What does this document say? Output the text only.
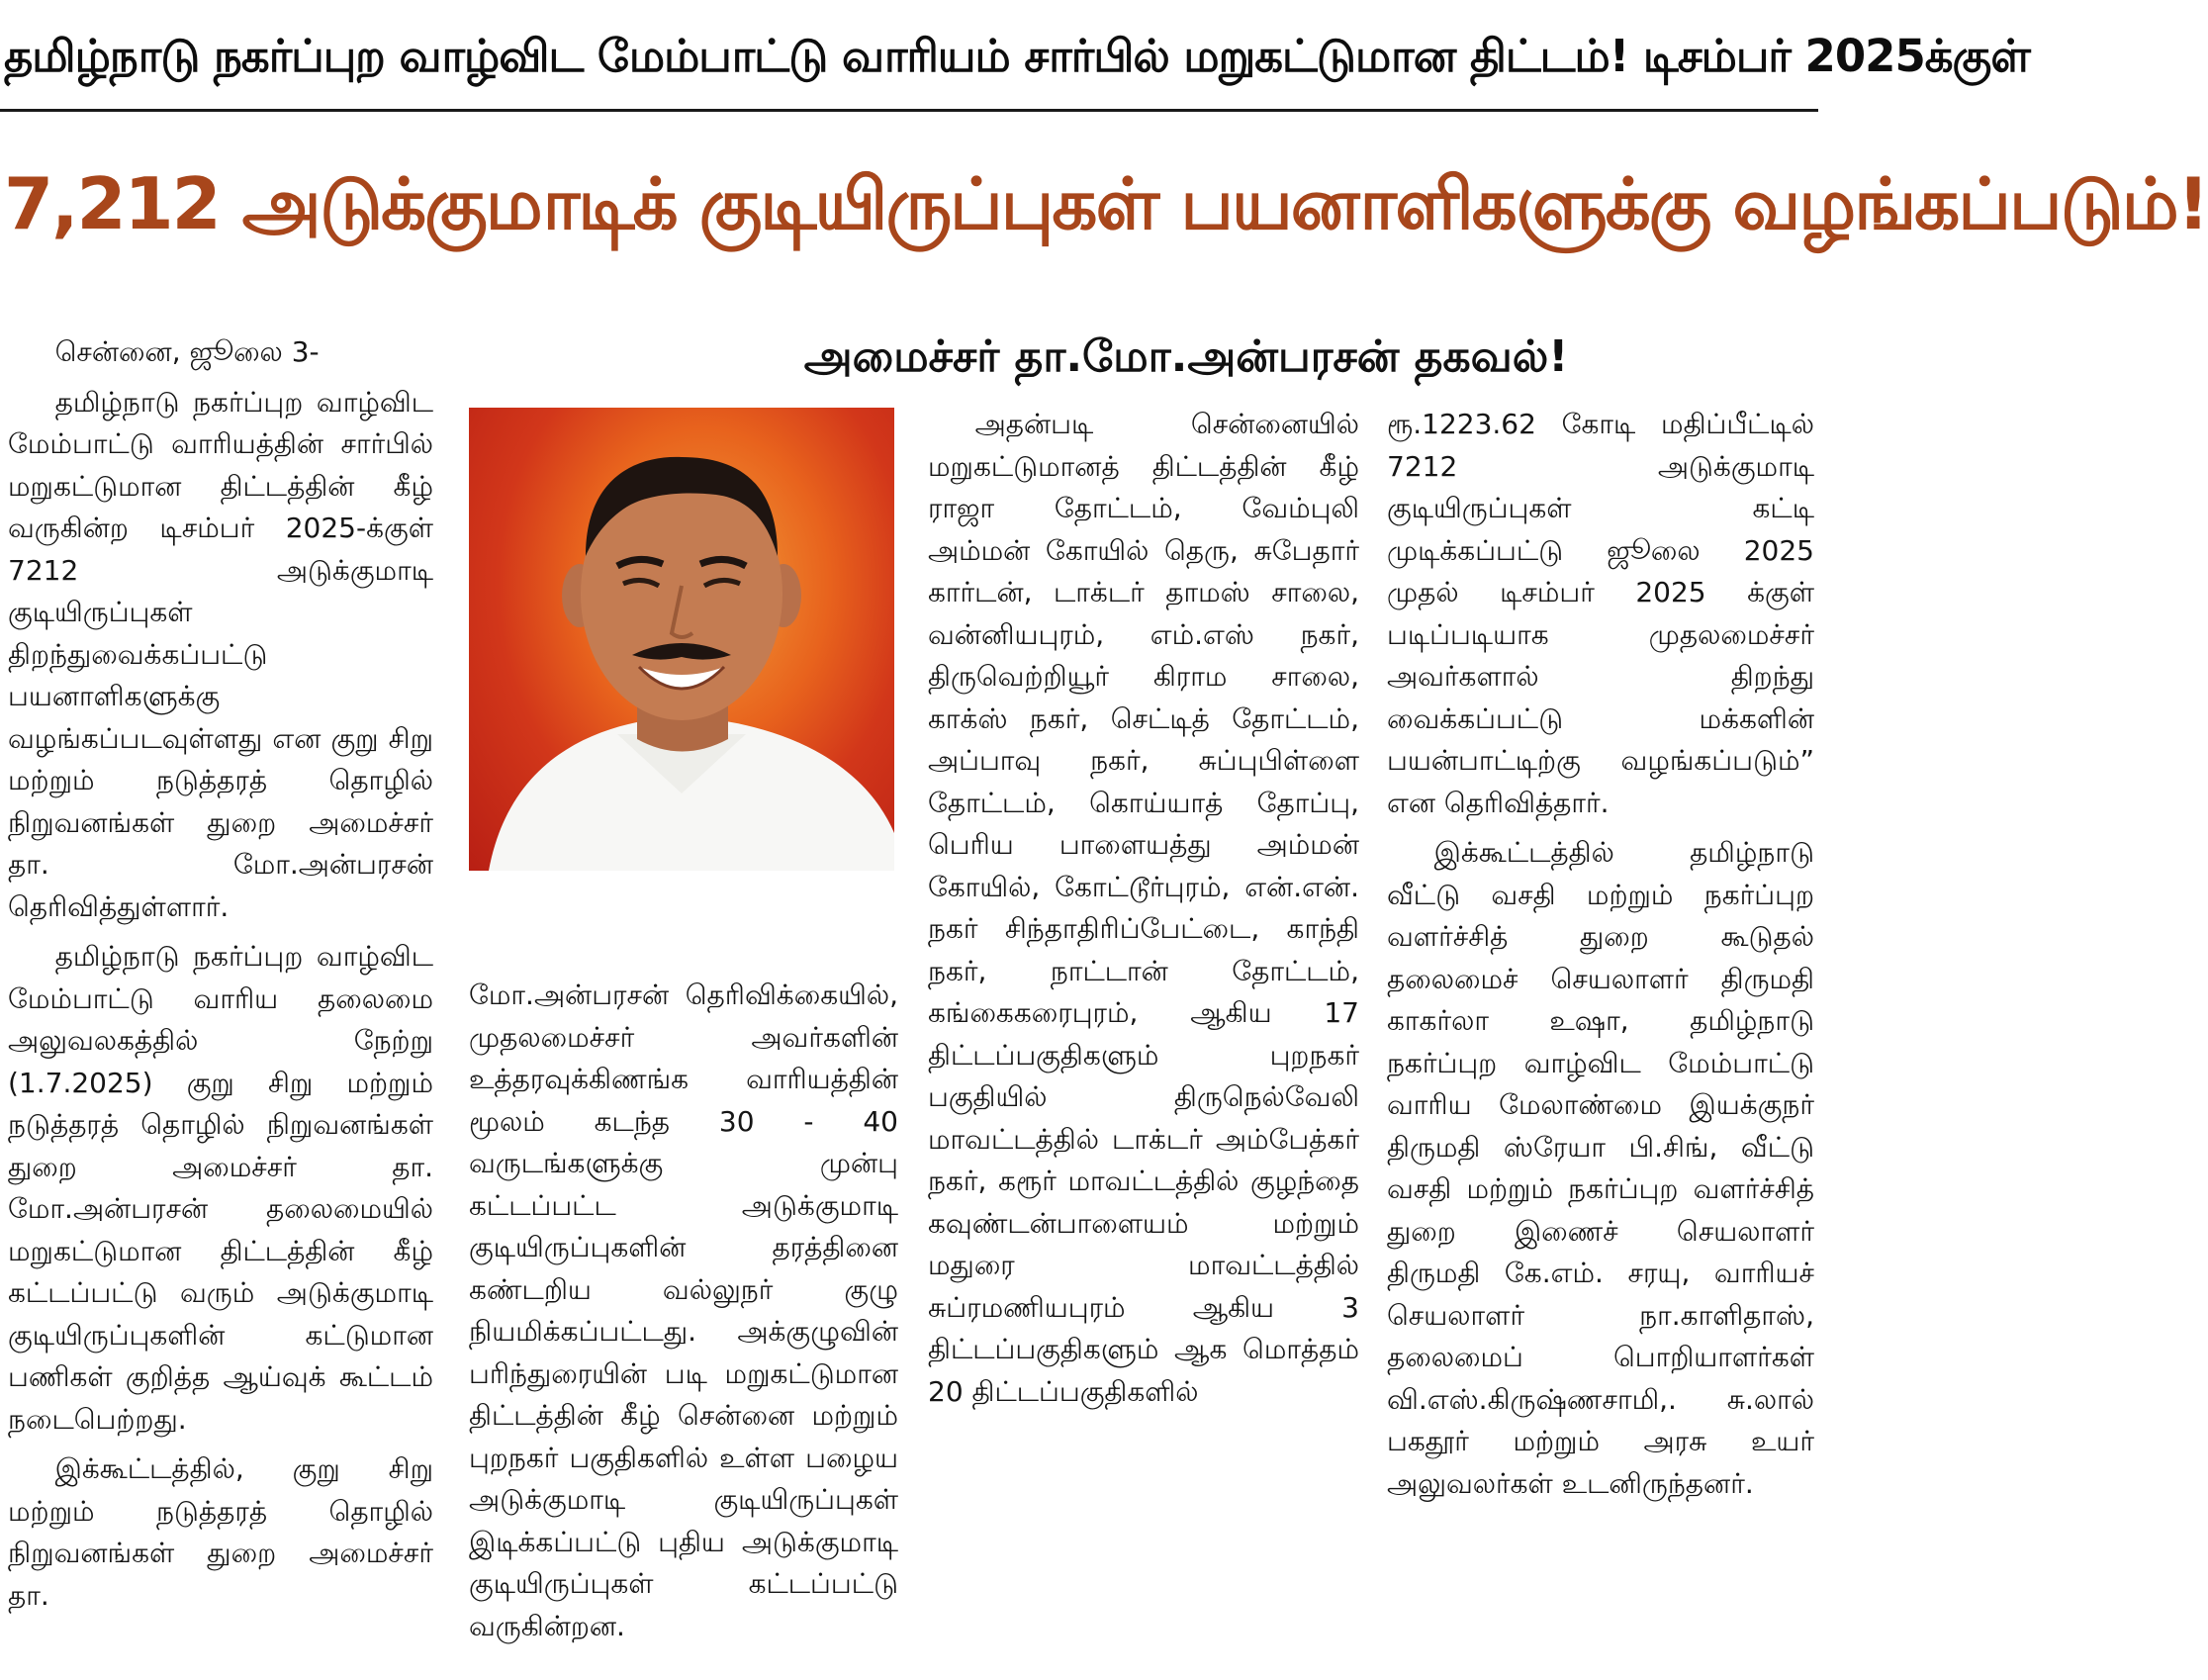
தமிழ்நாடு நகர்ப்புற வாழ்விட மேம்பாட்டு வாரியம் சார்பில் மறுகட்டுமான திட்டம்! டிசம்பர் 2025க்குள்
7,212 அடுக்குமாடிக் குடியிருப்புகள் பயனாளிகளுக்கு வழங்கப்படும்!
அமைச்சர் தா.மோ.அன்பரசன் தகவல்!

சென்னை, ஜூலை 3-

தமிழ்நாடு நகர்ப்புற வாழ்விட மேம்பாட்டு வாரியத்தின் சார்பில் மறுகட்டுமான திட்டத்தின் கீழ் வருகின்ற டிசம்பர் 2025-க்குள் 7212 அடுக்குமாடி குடியிருப்புகள் திறந்துவைக்கப்பட்டு பயனாளிகளுக்கு வழங்கப்படவுள்ளது என குறு சிறு மற்றும் நடுத்தரத் தொழில் நிறுவனங்கள் துறை அமைச்சர் தா. மோ.அன்பரசன் தெரிவித்துள்ளார்.

தமிழ்நாடு நகர்ப்புற வாழ்விட மேம்பாட்டு வாரிய தலைமை அலுவலகத்தில் நேற்று (1.7.2025) குறு சிறு மற்றும் நடுத்தரத் தொழில் நிறுவனங்கள் துறை அமைச்சர் தா. மோ.அன்பரசன் தலைமையில் மறுகட்டுமான திட்டத்தின் கீழ் கட்டப்பட்டு வரும் அடுக்குமாடி குடியிருப்புகளின் கட்டுமான பணிகள் குறித்த ஆய்வுக் கூட்டம் நடைபெற்றது.

இக்கூட்டத்தில், குறு சிறு மற்றும் நடுத்தரத் தொழில் நிறுவனங்கள் துறை அமைச்சர் தா.

மோ.அன்பரசன் தெரிவிக்கையில், முதலமைச்சர் அவர்களின் உத்தரவுக்கிணங்க வாரியத்தின் மூலம் கடந்த 30 - 40 வருடங்களுக்கு முன்பு கட்டப்பட்ட அடுக்குமாடி குடியிருப்புகளின் தரத்தினை கண்டறிய வல்லுநர் குழு நியமிக்கப்பட்டது. அக்குழுவின் பரிந்துரையின் படி மறுகட்டுமான திட்டத்தின் கீழ் சென்னை மற்றும் புறநகர் பகுதிகளில் உள்ள பழைய அடுக்குமாடி குடியிருப்புகள் இடிக்கப்பட்டு புதிய அடுக்குமாடி குடியிருப்புகள் கட்டப்பட்டு வருகின்றன.

அதன்படி சென்னையில் மறுகட்டுமானத் திட்டத்தின் கீழ் ராஜா தோட்டம், வேம்புலி அம்மன் கோயில் தெரு, சுபேதார் கார்டன், டாக்டர் தாமஸ் சாலை, வன்னியபுரம், எம்.எஸ் நகர், திருவெற்றியூர் கிராம சாலை, காக்ஸ் நகர், செட்டித் தோட்டம், அப்பாவு நகர், சுப்புபிள்ளை தோட்டம், கொய்யாத் தோப்பு, பெரிய பாளையத்து அம்மன் கோயில், கோட்டூர்புரம், என்.என். நகர் சிந்தாதிரிப்பேட்டை, காந்தி நகர், நாட்டான் தோட்டம், கங்கைகரைபுரம், ஆகிய 17 திட்டப்பகுதிகளும் புறநகர் பகுதியில் திருநெல்வேலி மாவட்டத்தில் டாக்டர் அம்பேத்கர் நகர், கரூர் மாவட்டத்தில் குழந்தை கவுண்டன்பாளையம் மற்றும் மதுரை மாவட்டத்தில் சுப்ரமணியபுரம் ஆகிய 3 திட்டப்பகுதிகளும் ஆக மொத்தம் 20 திட்டப்பகுதிகளில்

ரூ.1223.62 கோடி மதிப்பீட்டில் 7212 அடுக்குமாடி குடியிருப்புகள் கட்டி முடிக்கப்பட்டு ஜூலை 2025 முதல் டிசம்பர் 2025 க்குள் படிப்படியாக முதலமைச்சர் அவர்களால் திறந்து வைக்கப்பட்டு மக்களின் பயன்பாட்டிற்கு வழங்கப்படும்” என தெரிவித்தார்.

இக்கூட்டத்தில் தமிழ்நாடு வீட்டு வசதி மற்றும் நகர்ப்புற வளர்ச்சித் துறை கூடுதல் தலைமைச் செயலாளர் திருமதி காகர்லா உஷா, தமிழ்நாடு நகர்ப்புற வாழ்விட மேம்பாட்டு வாரிய மேலாண்மை இயக்குநர் திருமதி ஸ்ரேயா பி.சிங், வீட்டு வசதி மற்றும் நகர்ப்புற வளர்ச்சித் துறை இணைச் செயலாளர் திருமதி கே.எம். சரயு, வாரியச் செயலாளர் நா.காளிதாஸ், தலைமைப் பொறியாளர்கள் வி.எஸ்.கிருஷ்ணசாமி,. சு.லால் பகதூர் மற்றும் அரசு உயர் அலுவலர்கள் உடனிருந்தனர்.
